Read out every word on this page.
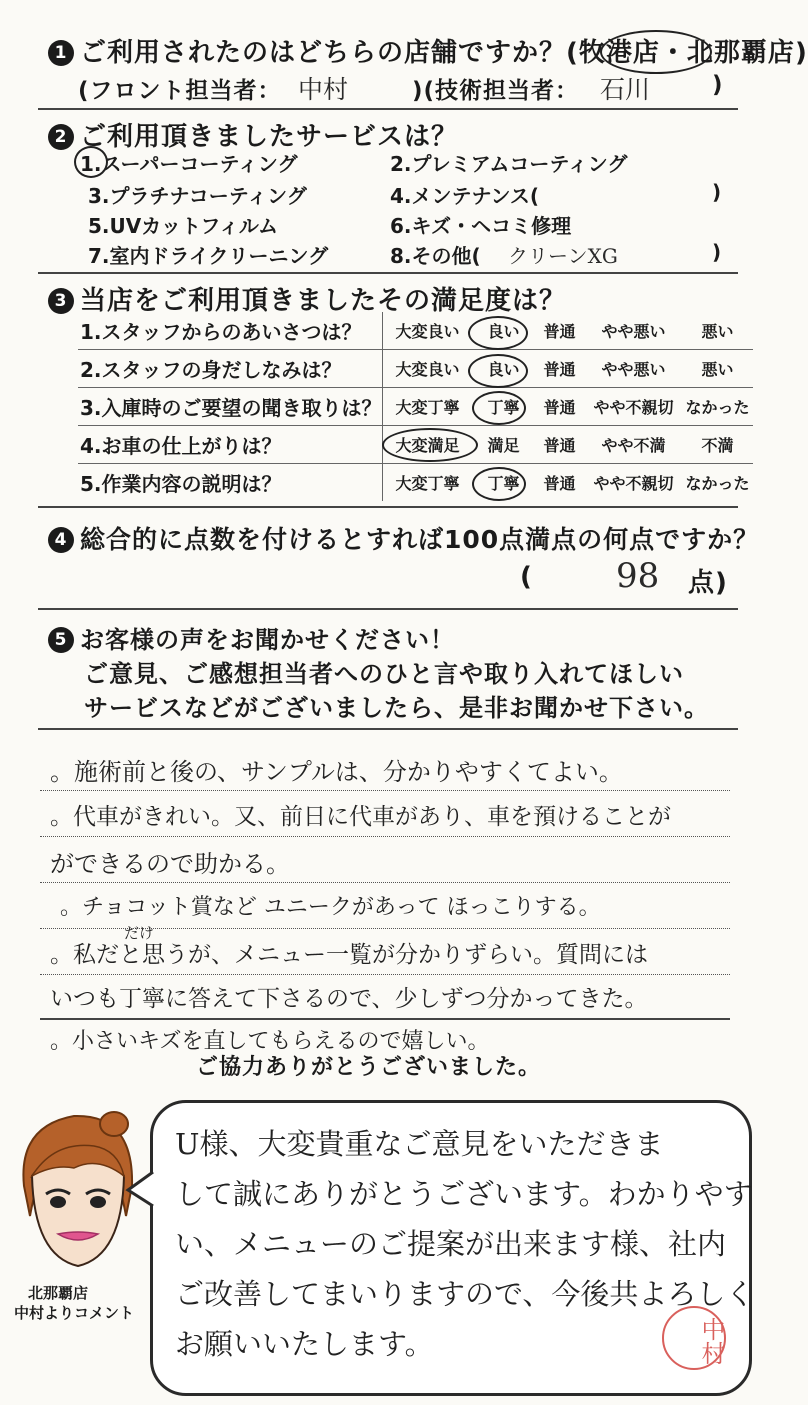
1 ご利用されたのはどちらの店舗ですか？(牧港店・北那覇店)
(フロント担当者： 中村	)(技術担当者： 石川	)
2 ご利用頂きましたサービスは？
1.スーパーコーティング	2.プレミアムコーティング
3.プラチナコーティング	4.メンテナンス(	)
5.UVカットフィルム	6.キズ・ヘコミ修理
7.室内ドライクリーニング	8.その他( クリーンXG	)
3 当店をご利用頂きましたその満足度は？
1.スタッフからのあいさつは？	大変良い	良い	普通	やや悪い	悪い
2.スタッフの身だしなみは？	大変良い	良い	普通	やや悪い	悪い
3.入庫時のご要望の聞き取りは？	大変丁寧	丁寧	普通	やや不親切	なかった
4.お車の仕上がりは？	大変満足	満足	普通	やや不満	不満
5.作業内容の説明は？	大変丁寧	丁寧	普通	やや不親切	なかった
4 総合的に点数を付けるとすれば100点満点の何点ですか？
( 98 点)
5 お客様の声をお聞かせください！
ご意見、ご感想担当者へのひと言や取り入れてほしい
サービスなどがございましたら、是非お聞かせ下さい。
。施術前と後の、サンプルは、分かりやすくてよい。
。代車がきれい。又、前日に代車があり、車を預けることが
ができるので助かる。
。チョコット賞など ユニークがあって ほっこりする。
だけ
。私だと思うが、メニュー一覧が分かりずらい。質問には
いつも丁寧に答えて下さるので、少しずつ分かってきた。
。小さいキズを直してもらえるので嬉しい。
ご協力ありがとうございました。
北那覇店
中村よりコメント
U様、大変貴重なご意見をいただきま
して誠にありがとうございます。わかりやす
い、メニューのご提案が出来ます様、社内
ご改善してまいりますので、今後共よろしく
お願いいたします。	中村
